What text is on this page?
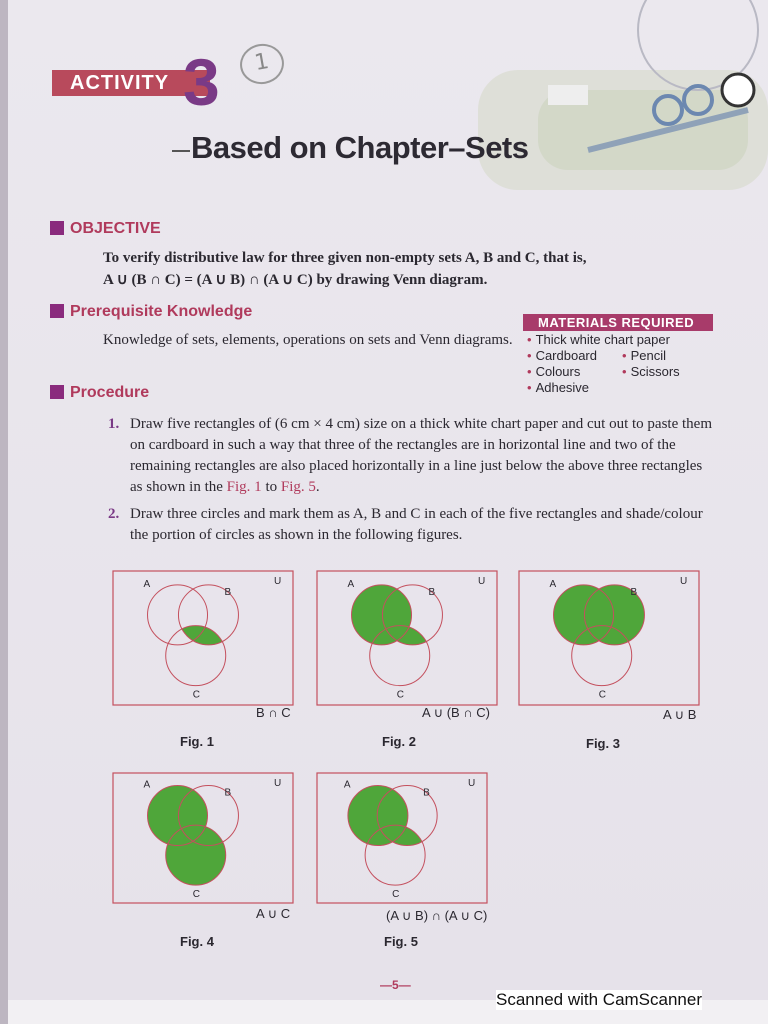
ACTIVITY 3	1
Based on Chapter–Sets
OBJECTIVE
To verify distributive law for three given non-empty sets A, B and C, that is,
A ∪ (B ∩ C) = (A ∪ B) ∩ (A ∪ C) by drawing Venn diagram.
Prerequisite Knowledge
Knowledge of sets, elements, operations on sets and Venn diagrams.
MATERIALS REQUIRED
• Thick white chart paper
• Cardboard	• Pencil
• Colours	• Scissors
• Adhesive
Procedure
1. Draw five rectangles of (6 cm × 4 cm) size on a thick white chart paper and cut out to paste them on cardboard in such a way that three of the rectangles are in horizontal line and two of the remaining rectangles are also placed horizontally in a line just below the above three rectangles as shown in the Fig. 1 to Fig. 5.
2. Draw three circles and mark them as A, B and C in each of the five rectangles and shade/colour the portion of circles as shown in the following figures.
A
B
C
U	A
B
C
U	A
B
C
U
A
B
C
U	A
B
C
U
B ∩ C	A ∪ (B ∩ C)	A ∪ B
A ∪ C	(A ∪ B) ∩ (A ∪ C)
Fig. 1	Fig. 2	Fig. 3
Fig. 4	Fig. 5
—5—
Scanned with CamScanner
